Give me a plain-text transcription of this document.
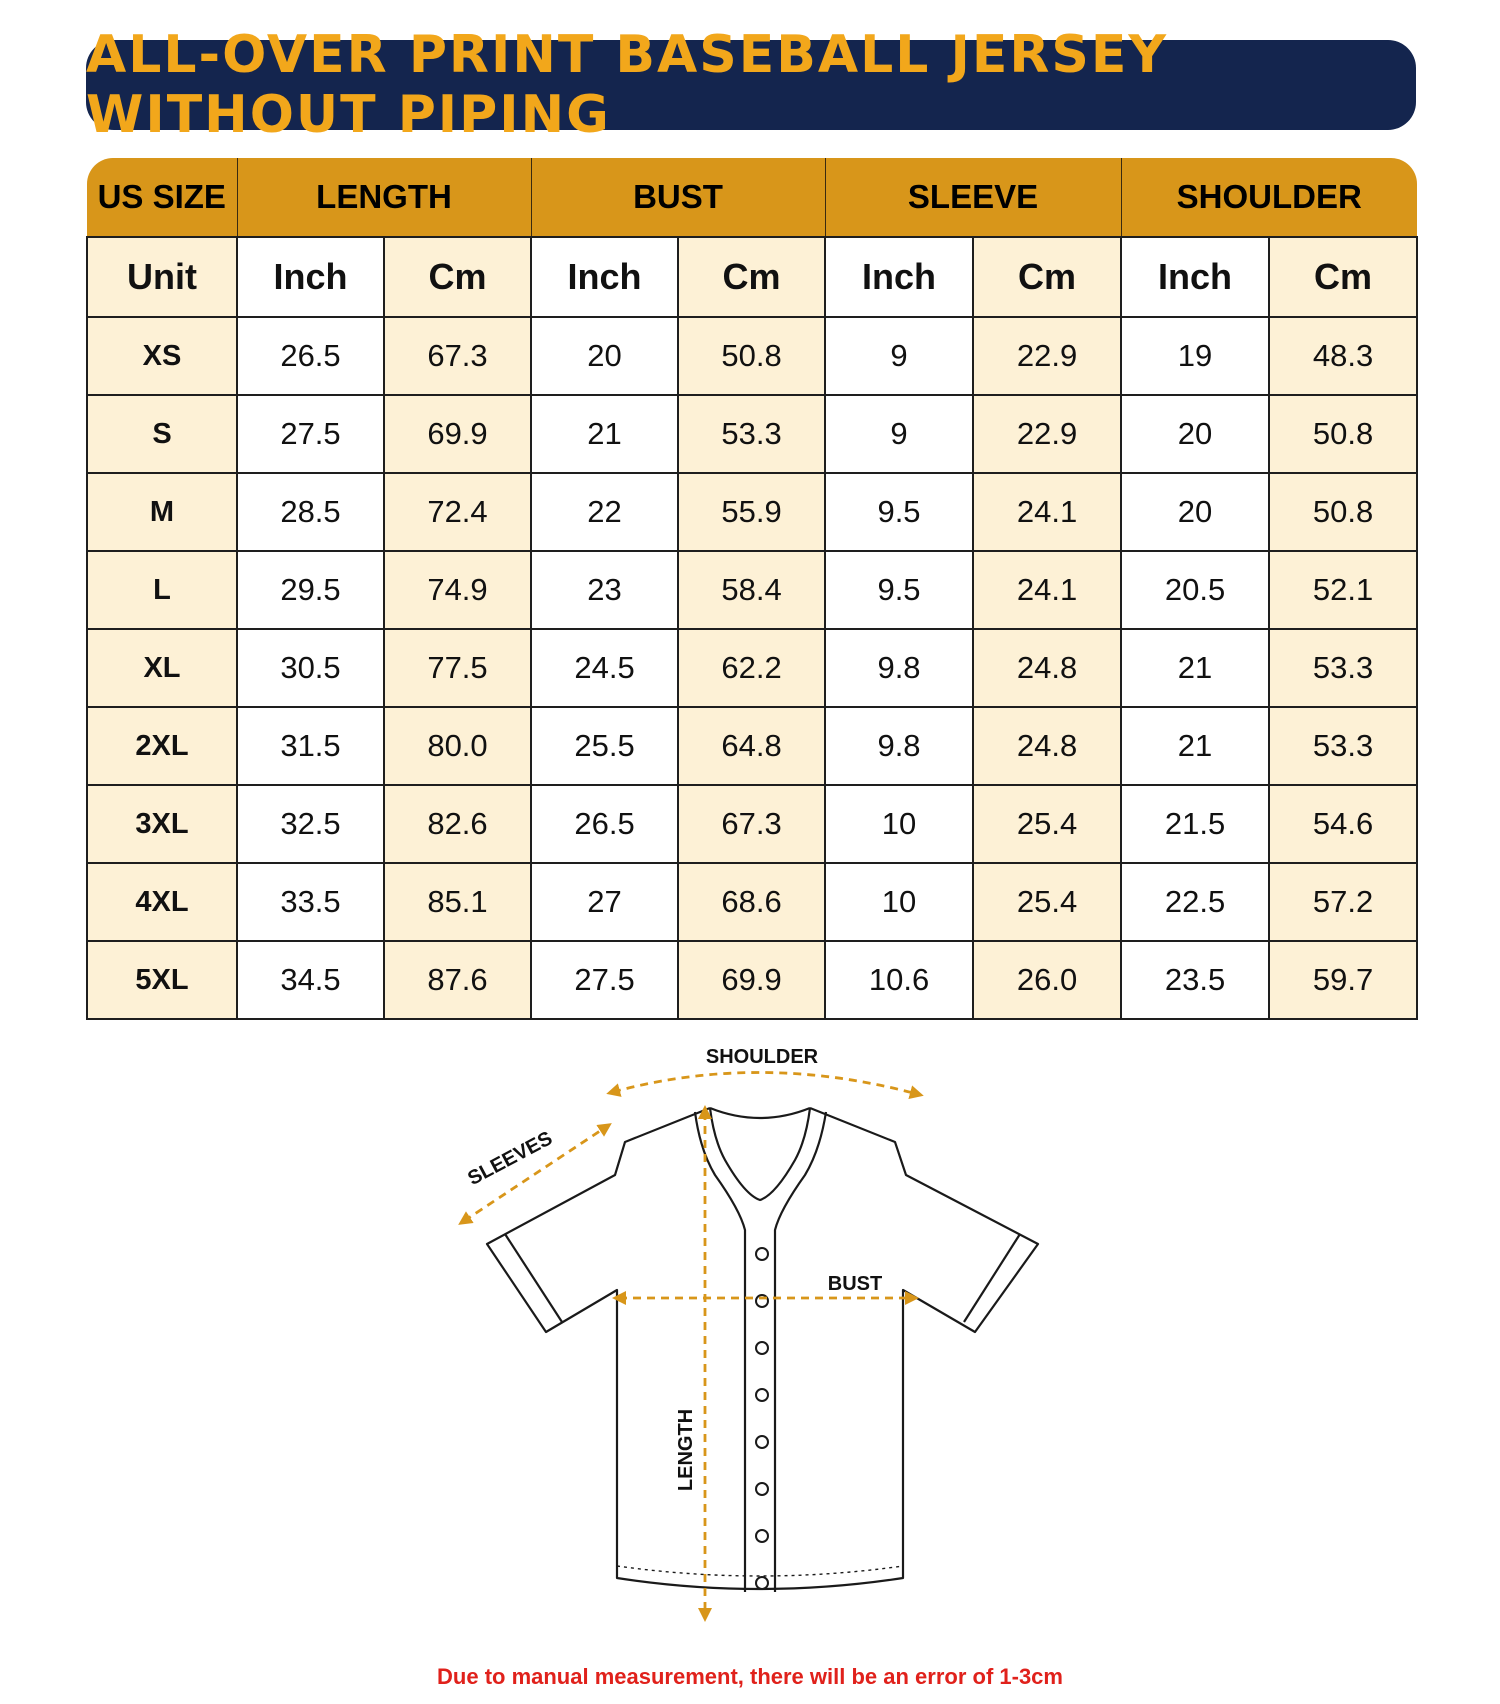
ALL-OVER PRINT BASEBALL JERSEY WITHOUT PIPING
US SIZE	LENGTH		BUST		SLEEVE		SHOULDER	
Unit	Inch	Cm	Inch	Cm	Inch	Cm	Inch	Cm
XS	26.5	67.3	20	50.8	9	22.9	19	48.3
S	27.5	69.9	21	53.3	9	22.9	20	50.8
M	28.5	72.4	22	55.9	9.5	24.1	20	50.8
L	29.5	74.9	23	58.4	9.5	24.1	20.5	52.1
XL	30.5	77.5	24.5	62.2	9.8	24.8	21	53.3
2XL	31.5	80.0	25.5	64.8	9.8	24.8	21	53.3
3XL	32.5	82.6	26.5	67.3	10	25.4	21.5	54.6
4XL	33.5	85.1	27	68.6	10	25.4	22.5	57.2
5XL	34.5	87.6	27.5	69.9	10.6	26.0	23.5	59.7
SHOULDER
SLEEVES
BUST
LENGTH
Due to manual measurement, there will be an error of 1-3cm
